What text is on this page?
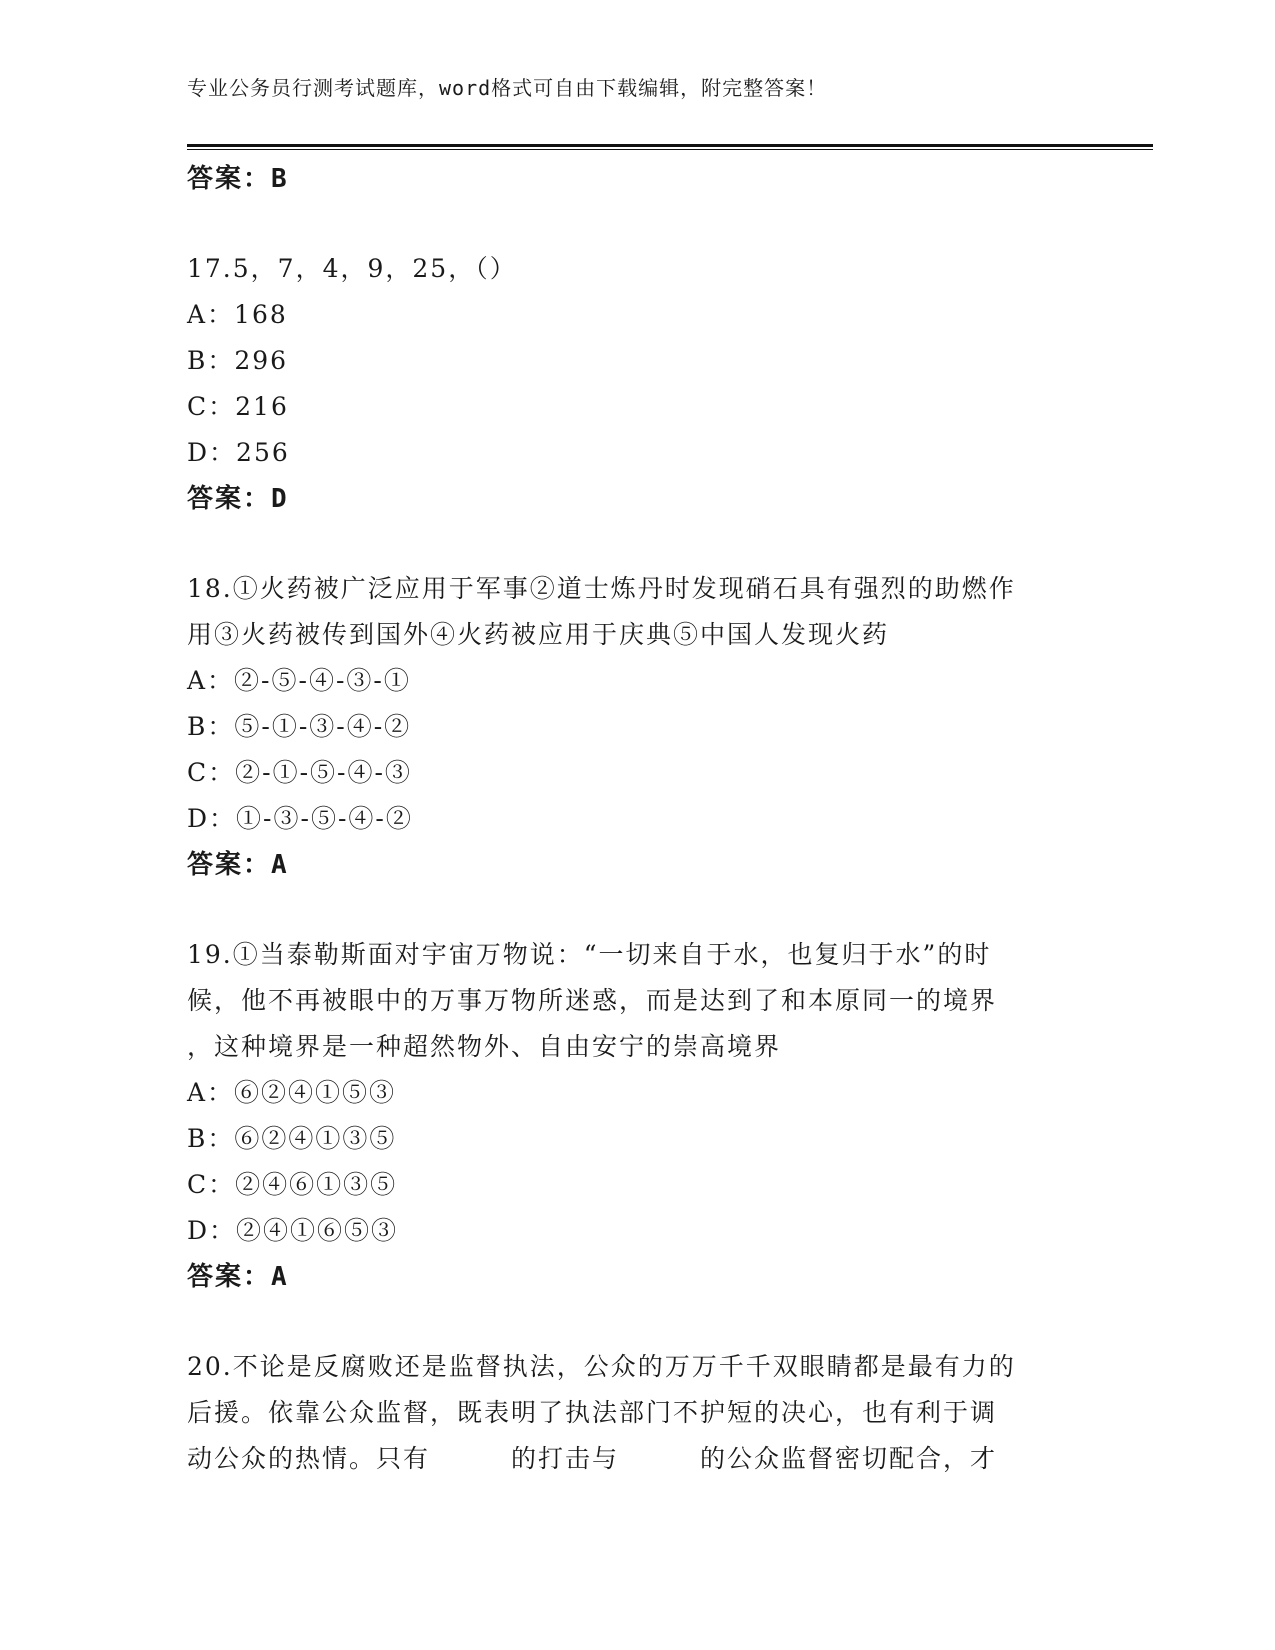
专业公务员行测考试题库，word格式可自由下载编辑，附完整答案！
答案：B
17.5，7，4，9，25，（）
A：168
B：296
C：216
D：256
答案：D
18.①火药被广泛应用于军事②道士炼丹时发现硝石具有强烈的助燃作
用③火药被传到国外④火药被应用于庆典⑤中国人发现火药
A：②-⑤-④-③-①
B：⑤-①-③-④-②
C：②-①-⑤-④-③
D：①-③-⑤-④-②
答案：A
19.①当泰勒斯面对宇宙万物说：“一切来自于水，也复归于水”的时
候，他不再被眼中的万事万物所迷惑，而是达到了和本原同一的境界
，这种境界是一种超然物外、自由安宁的崇高境界
A：⑥②④①⑤③
B：⑥②④①③⑤
C：②④⑥①③⑤
D：②④①⑥⑤③
答案：A
20.不论是反腐败还是监督执法，公众的万万千千双眼睛都是最有力的
后援。依靠公众监督，既表明了执法部门不护短的决心，也有利于调
动公众的热情。只有　　　的打击与　　　的公众监督密切配合，才
